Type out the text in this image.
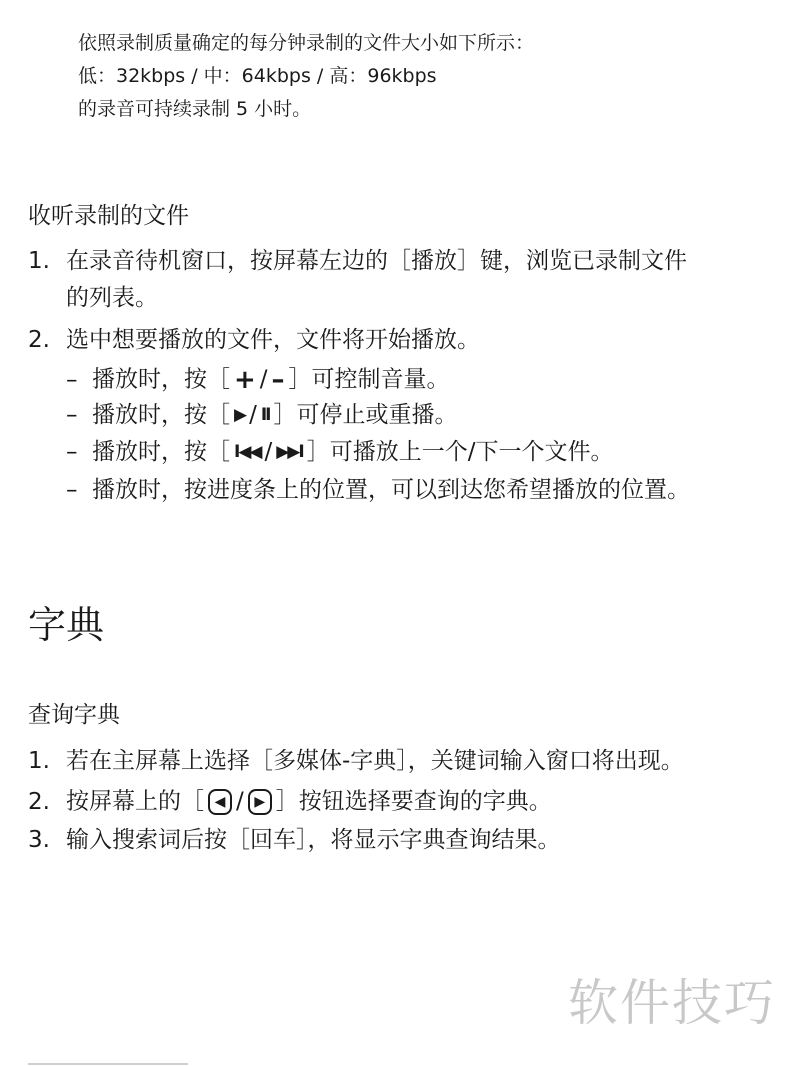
依照录制质量确定的每分钟录制的文件大小如下所示：
低：32kbps / 中：64kbps / 高：96kbps
的录音可持续录制 5 小时。
收听录制的文件
1. 在录音待机窗口，按屏幕左边的［播放］键，浏览已录制文件
的列表。
2. 选中想要播放的文件，文件将开始播放。
– 播放时，按［ + / – ］可控制音量。
– 播放时，按［ ▶ / II ］可停止或重播。
– 播放时，按［ I◀◀ / ▶▶I ］可播放上一个/下一个文件。
– 播放时，按进度条上的位置，可以到达您希望播放的位置。
字典
查询字典
1. 若在主屏幕上选择［多媒体-字典］，关键词输入窗口将出现。
2. 按屏幕上的［ ◀ / ▶ ］按钮选择要查询的字典。
3. 输入搜索词后按［回车］，将显示字典查询结果。
软件技巧
